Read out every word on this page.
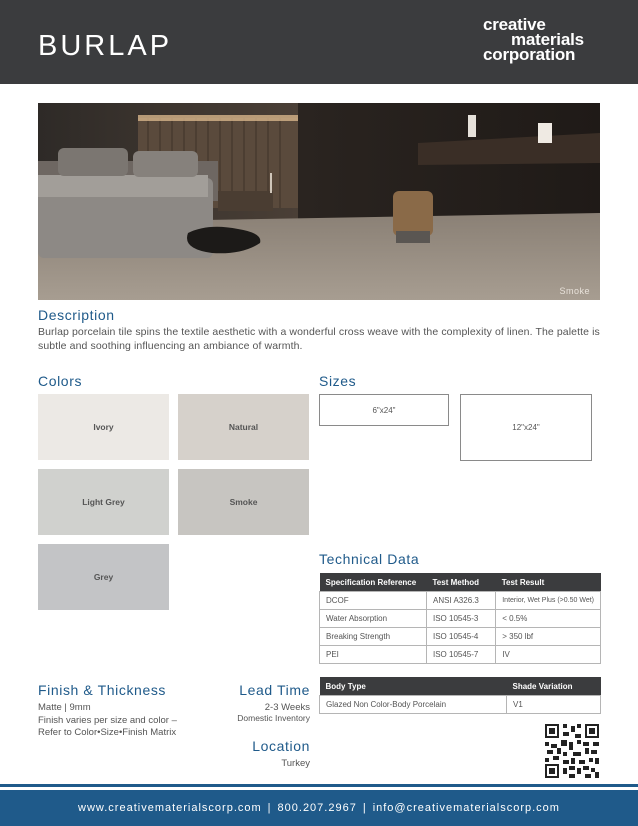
BURLAP
creative
materials
corporation
Smoke
Description
Burlap porcelain tile spins the textile aesthetic with a wonderful cross weave with the complexity of linen. The palette is subtle and soothing influencing an ambiance of warmth.
Colors
Ivory	Natural
Light Grey	Smoke
Grey
Sizes
6"x24"
12"x24"
Technical Data
Specification Reference	Test Method	Test Result
DCOF	ANSI A326.3	Interior, Wet Plus (>0.50 Wet)
Water Absorption	ISO 10545-3	< 0.5%
Breaking Strength	ISO 10545-4	> 350 lbf
PEI	ISO 10545-7	IV
Body Type	Shade Variation
Glazed Non Color-Body Porcelain	V1
Finish & Thickness
Matte | 9mm
Finish varies per size and color –
Refer to Color•Size•Finish Matrix
Lead Time
2-3 Weeks
Domestic Inventory
Location
Turkey
www.creativematerialscorp.com | 800.207.2967 | info@creativematerialscorp.com
